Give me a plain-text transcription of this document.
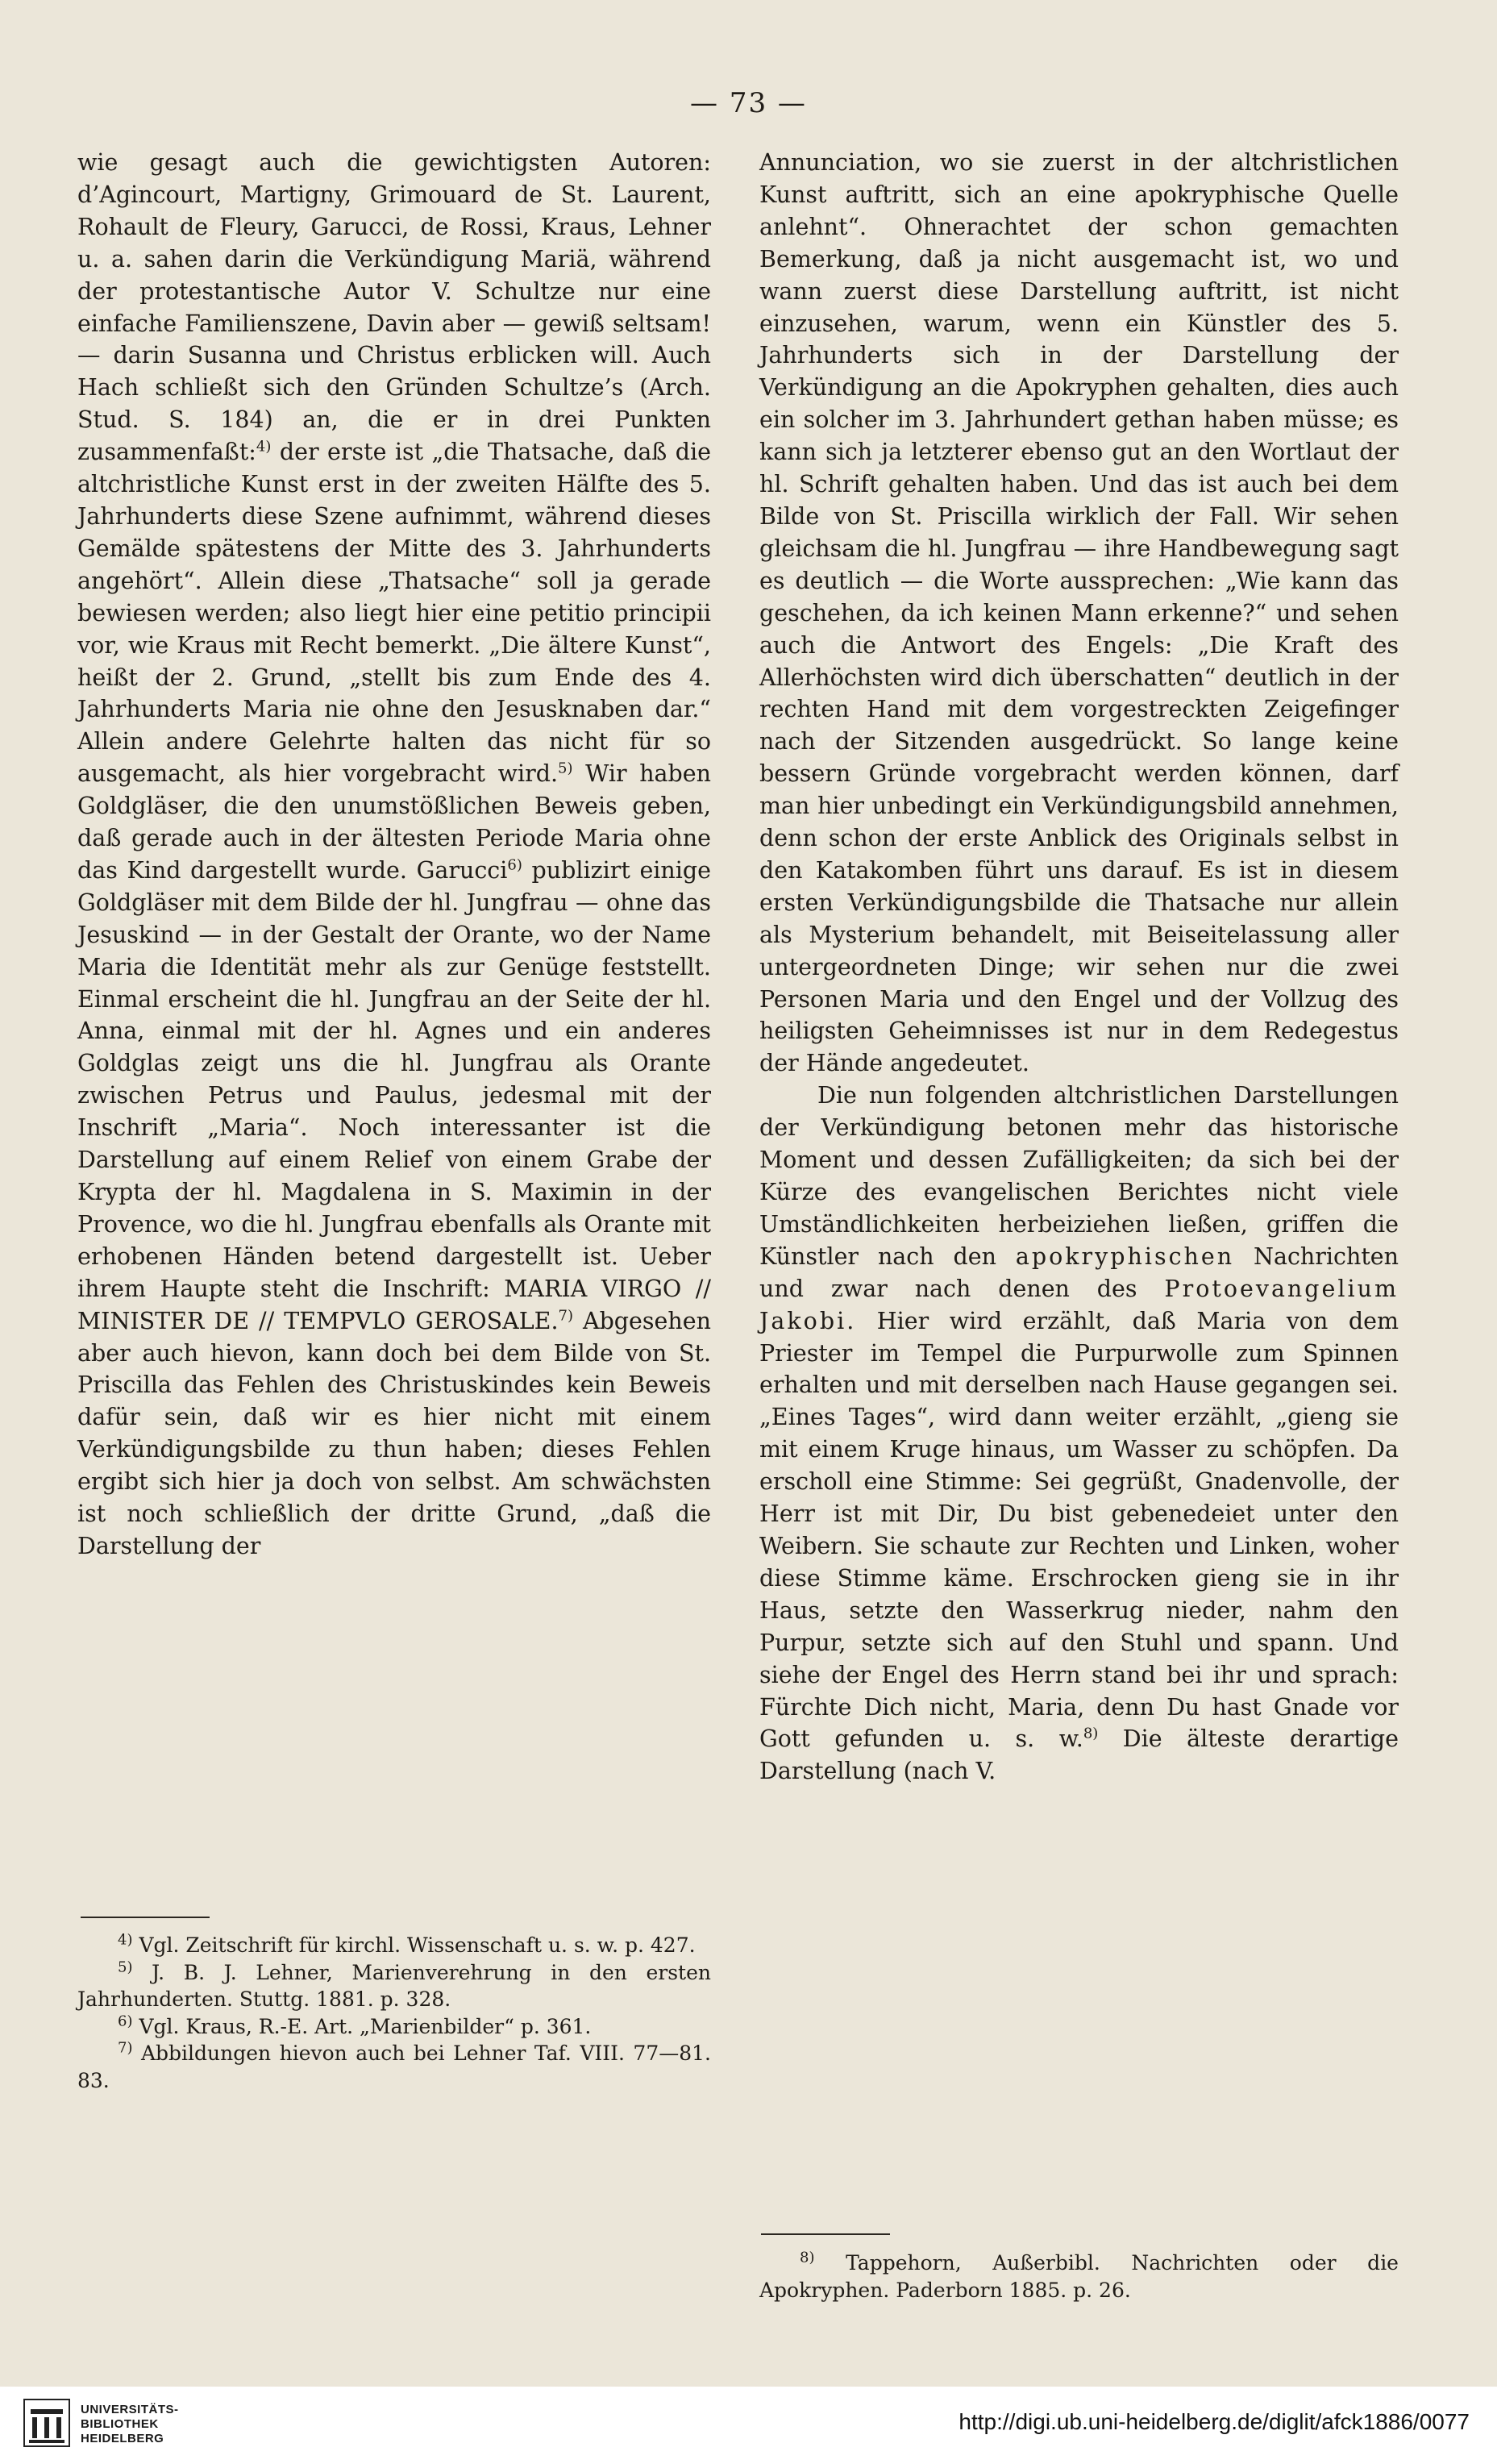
— 73 —

wie gesagt auch die gewichtigsten Autoren: d’Agincourt, Martigny, Grimouard de St. Laurent, Rohault de Fleury, Garucci, de Rossi, Kraus, Lehner u. a. sahen darin die Verkündigung Mariä, während der protestantische Autor V. Schultze nur eine einfache Familienszene, Davin aber — gewiß seltsam! — darin Susanna und Christus erblicken will. Auch Hach schließt sich den Gründen Schultze’s (Arch. Stud. S. 184) an, die er in drei Punkten zusammenfaßt:$^{4)}$ der erste ist „die Thatsache, daß die altchristliche Kunst erst in der zweiten Hälfte des 5. Jahrhunderts diese Szene aufnimmt, während dieses Gemälde spätestens der Mitte des 3. Jahrhunderts angehört“. Allein diese „Thatsache“ soll ja gerade bewiesen werden; also liegt hier eine petitio principii vor, wie Kraus mit Recht bemerkt. „Die ältere Kunst“, heißt der 2. Grund, „stellt bis zum Ende des 4. Jahrhunderts Maria nie ohne den Jesusknaben dar.“ Allein andere Gelehrte halten das nicht für so ausgemacht, als hier vorgebracht wird.$^{5)}$ Wir haben Goldgläser, die den unumstößlichen Beweis geben, daß gerade auch in der ältesten Periode Maria ohne das Kind dargestellt wurde. Garucci$^{6)}$ publizirt einige Goldgläser mit dem Bilde der hl. Jungfrau — ohne das Jesuskind — in der Gestalt der Orante, wo der Name Maria die Identität mehr als zur Genüge feststellt. Einmal erscheint die hl. Jungfrau an der Seite der hl. Anna, einmal mit der hl. Agnes und ein anderes Goldglas zeigt uns die hl. Jungfrau als Orante zwischen Petrus und Paulus, jedesmal mit der Inschrift „Maria“. Noch interessanter ist die Darstellung auf einem Relief von einem Grabe der Krypta der hl. Magdalena in S. Maximin in der Provence, wo die hl. Jungfrau ebenfalls als Orante mit erhobenen Händen betend dargestellt ist. Ueber ihrem Haupte steht die Inschrift: MARIA VIRGO // MINISTER DE // TEMPVLO GEROSALE.$^{7)}$ Abgesehen aber auch hievon, kann doch bei dem Bilde von St. Priscilla das Fehlen des Christuskindes kein Beweis dafür sein, daß wir es hier nicht mit einem Verkündigungsbilde zu thun haben; dieses Fehlen ergibt sich hier ja doch von selbst. Am schwächsten ist noch schließlich der dritte Grund, „daß die Darstellung der

Annunciation, wo sie zuerst in der altchristlichen Kunst auftritt, sich an eine apokryphische Quelle anlehnt“. Ohnerachtet der schon gemachten Bemerkung, daß ja nicht ausgemacht ist, wo und wann zuerst diese Darstellung auftritt, ist nicht einzusehen, warum, wenn ein Künstler des 5. Jahrhunderts sich in der Darstellung der Verkündigung an die Apokryphen gehalten, dies auch ein solcher im 3. Jahrhundert gethan haben müsse; es kann sich ja letzterer ebenso gut an den Wortlaut der hl. Schrift gehalten haben. Und das ist auch bei dem Bilde von St. Priscilla wirklich der Fall. Wir sehen gleichsam die hl. Jungfrau — ihre Handbewegung sagt es deutlich — die Worte aussprechen: „Wie kann das geschehen, da ich keinen Mann erkenne?“ und sehen auch die Antwort des Engels: „Die Kraft des Allerhöchsten wird dich überschatten“ deutlich in der rechten Hand mit dem vorgestreckten Zeigefinger nach der Sitzenden ausgedrückt. So lange keine bessern Gründe vorgebracht werden können, darf man hier unbedingt ein Verkündigungsbild annehmen, denn schon der erste Anblick des Originals selbst in den Katakomben führt uns darauf. Es ist in diesem ersten Verkündigungsbilde die Thatsache nur allein als Mysterium behandelt, mit Beiseitelassung aller untergeordneten Dinge; wir sehen nur die zwei Personen Maria und den Engel und der Vollzug des heiligsten Geheimnisses ist nur in dem Redegestus der Hände angedeutet.

Die nun folgenden altchristlichen Darstellungen der Verkündigung betonen mehr das historische Moment und dessen Zufälligkeiten; da sich bei der Kürze des evangelischen Berichtes nicht viele Umständlichkeiten herbeiziehen ließen, griffen die Künstler nach den apokryphischen Nachrichten und zwar nach denen des Protoevangelium Jakobi. Hier wird erzählt, daß Maria von dem Priester im Tempel die Purpurwolle zum Spinnen erhalten und mit derselben nach Hause gegangen sei. „Eines Tages“, wird dann weiter erzählt, „gieng sie mit einem Kruge hinaus, um Wasser zu schöpfen. Da erscholl eine Stimme: Sei gegrüßt, Gnadenvolle, der Herr ist mit Dir, Du bist gebenedeiet unter den Weibern. Sie schaute zur Rechten und Linken, woher diese Stimme käme. Erschrocken gieng sie in ihr Haus, setzte den Wasserkrug nieder, nahm den Purpur, setzte sich auf den Stuhl und spann. Und siehe der Engel des Herrn stand bei ihr und sprach: Fürchte Dich nicht, Maria, denn Du hast Gnade vor Gott gefunden u. s. w.$^{8)}$ Die älteste derartige Darstellung (nach V.

$^{4)}$ Vgl. Zeitschrift für kirchl. Wissenschaft u. s. w. p. 427.

$^{5)}$ J. B. J. Lehner, Marienverehrung in den ersten Jahrhunderten. Stuttg. 1881. p. 328.

$^{6)}$ Vgl. Kraus, R.-E. Art. „Marienbilder“ p. 361.

$^{7)}$ Abbildungen hievon auch bei Lehner Taf. VIII. 77—81. 83.

$^{8)}$ Tappehorn, Außerbibl. Nachrichten oder die Apokryphen. Paderborn 1885. p. 26.

UNIVERSITÄTS-
BIBLIOTHEK
HEIDELBERG
http://digi.ub.uni-heidelberg.de/diglit/afck1886/0077
